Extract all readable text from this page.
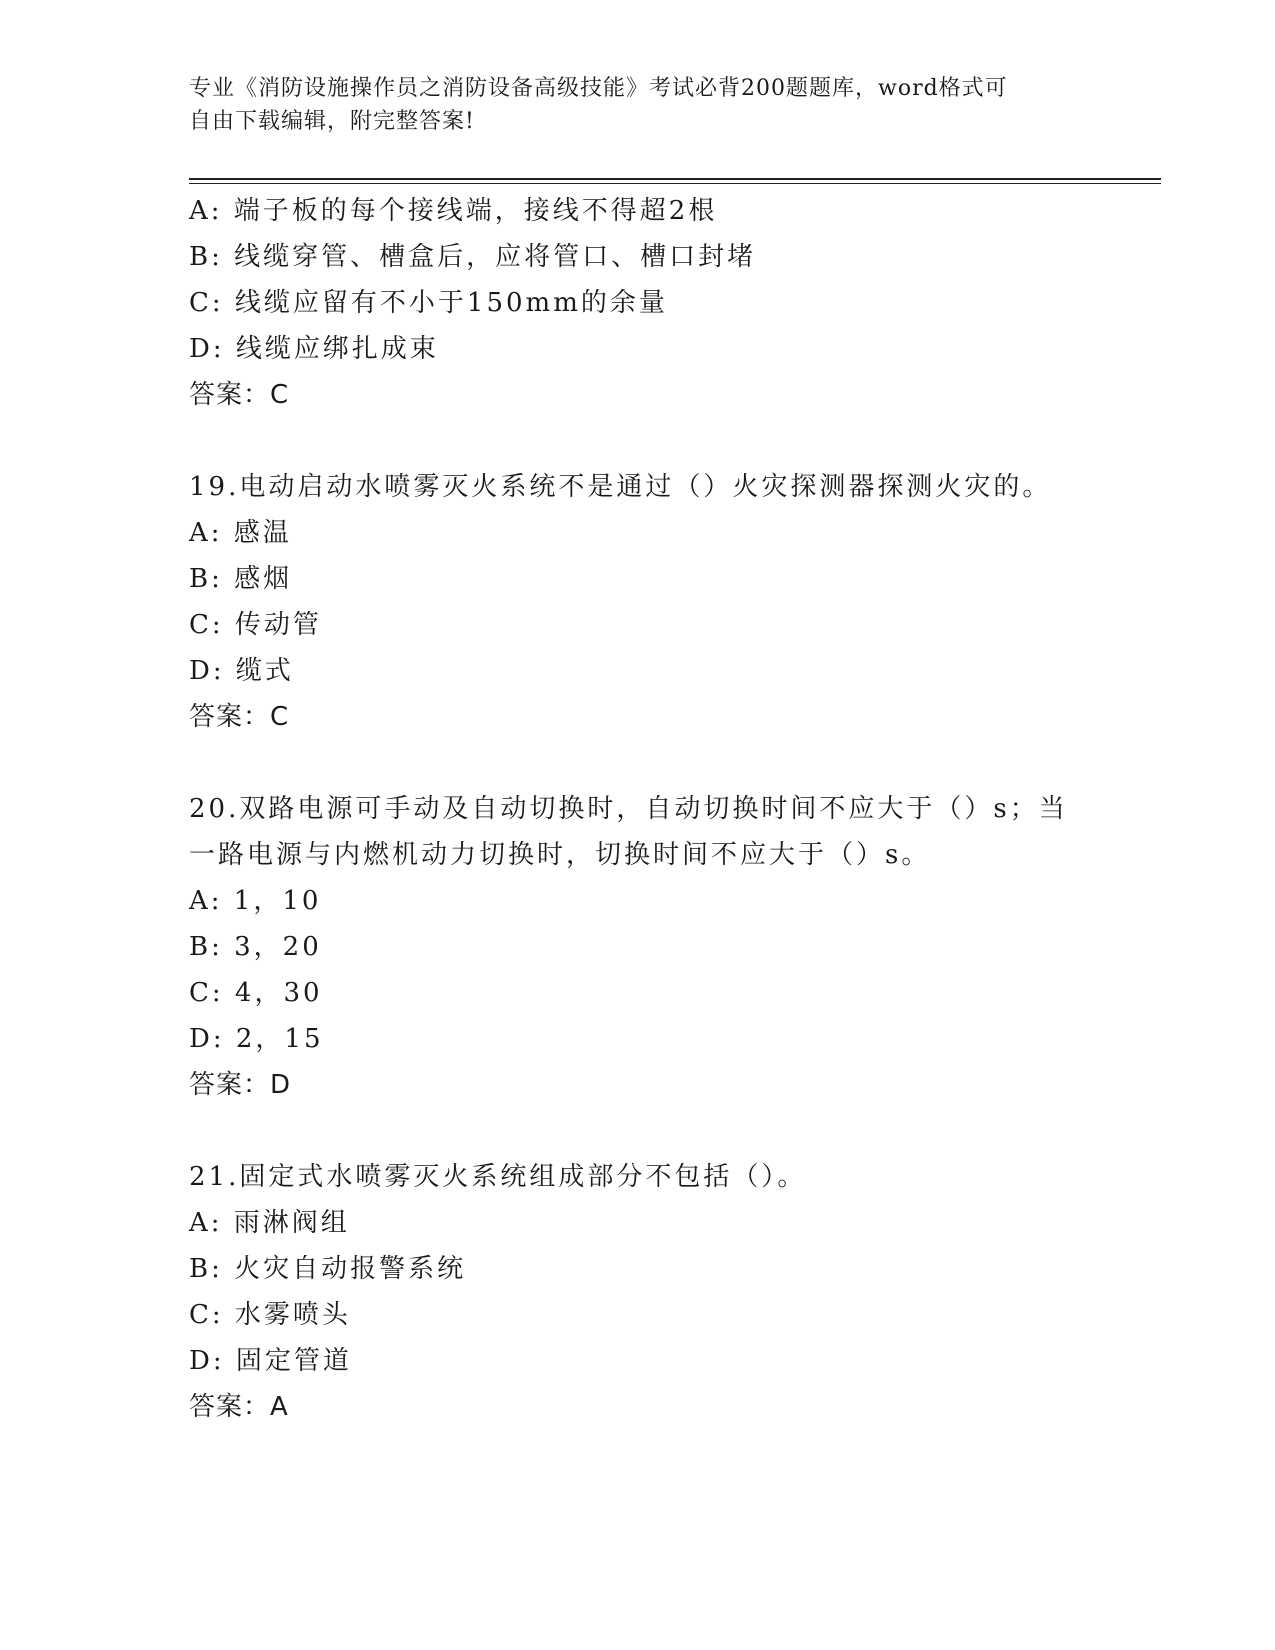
专业《消防设施操作员之消防设备高级技能》考试必背200题题库，word格式可
自由下载编辑，附完整答案!
A: 端子板的每个接线端，接线不得超2根
B: 线缆穿管、槽盒后，应将管口、槽口封堵
C: 线缆应留有不小于150mm的余量
D: 线缆应绑扎成束
答案：C
19.电动启动水喷雾灭火系统不是通过（）火灾探测器探测火灾的。
A: 感温
B: 感烟
C: 传动管
D: 缆式
答案：C
20.双路电源可手动及自动切换时，自动切换时间不应大于（）s；当
一路电源与内燃机动力切换时，切换时间不应大于（）s。
A: 1，10
B: 3，20
C: 4，30
D: 2，15
答案：D
21.固定式水喷雾灭火系统组成部分不包括（）。
A: 雨淋阀组
B: 火灾自动报警系统
C: 水雾喷头
D: 固定管道
答案：A
